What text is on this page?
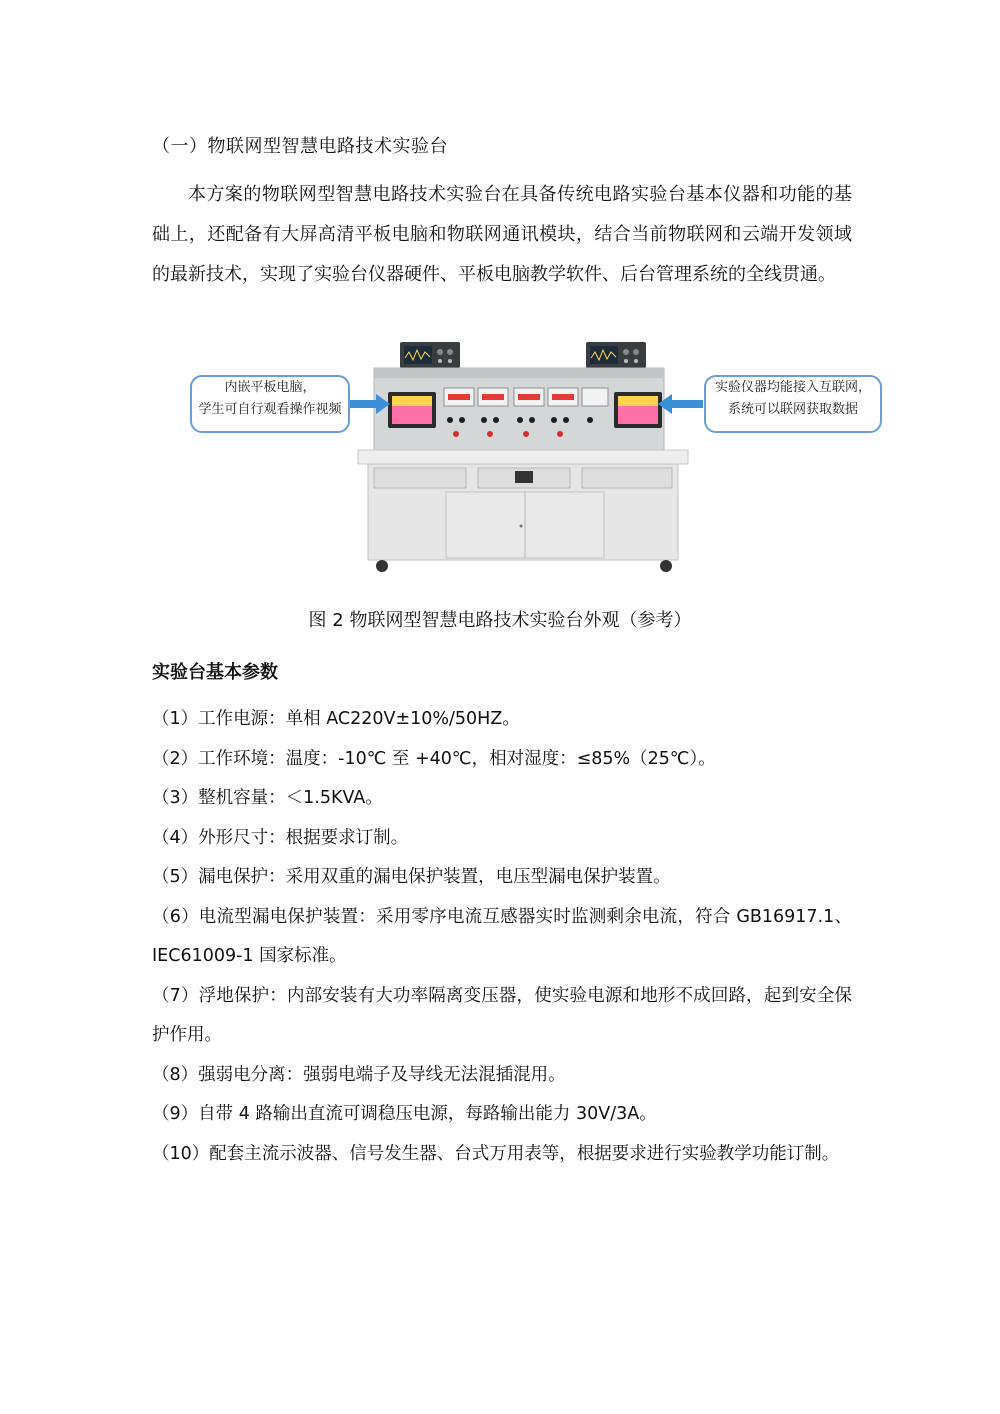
（一）物联网型智慧电路技术实验台

本方案的物联网型智慧电路技术实验台在具备传统电路实验台基本仪器和功能的基础上，还配备有大屏高清平板电脑和物联网通讯模块，结合当前物联网和云端开发领域的最新技术，实现了实验台仪器硬件、平板电脑教学软件、后台管理系统的全线贯通。

内嵌平板电脑，
学生可自行观看操作视频
实验仪器均能接入互联网，
系统可以联网获取数据
图 2 物联网型智慧电路技术实验台外观（参考）
实验台基本参数

（1）工作电源：单相 AC220V±10%/50HZ。

（2）工作环境：温度：-10℃ 至 +40℃，相对湿度：≤85%（25℃）。

（3）整机容量：＜1.5KVA。

（4）外形尺寸：根据要求订制。

（5）漏电保护：采用双重的漏电保护装置，电压型漏电保护装置。

（6）电流型漏电保护装置：采用零序电流互感器实时监测剩余电流，符合 GB16917.1、IEC61009-1 国家标准。

（7）浮地保护：内部安装有大功率隔离变压器，使实验电源和地形不成回路，起到安全保护作用。

（8）强弱电分离：强弱电端子及导线无法混插混用。

（9）自带 4 路输出直流可调稳压电源，每路输出能力 30V/3A。

（10）配套主流示波器、信号发生器、台式万用表等，根据要求进行实验教学功能订制。
